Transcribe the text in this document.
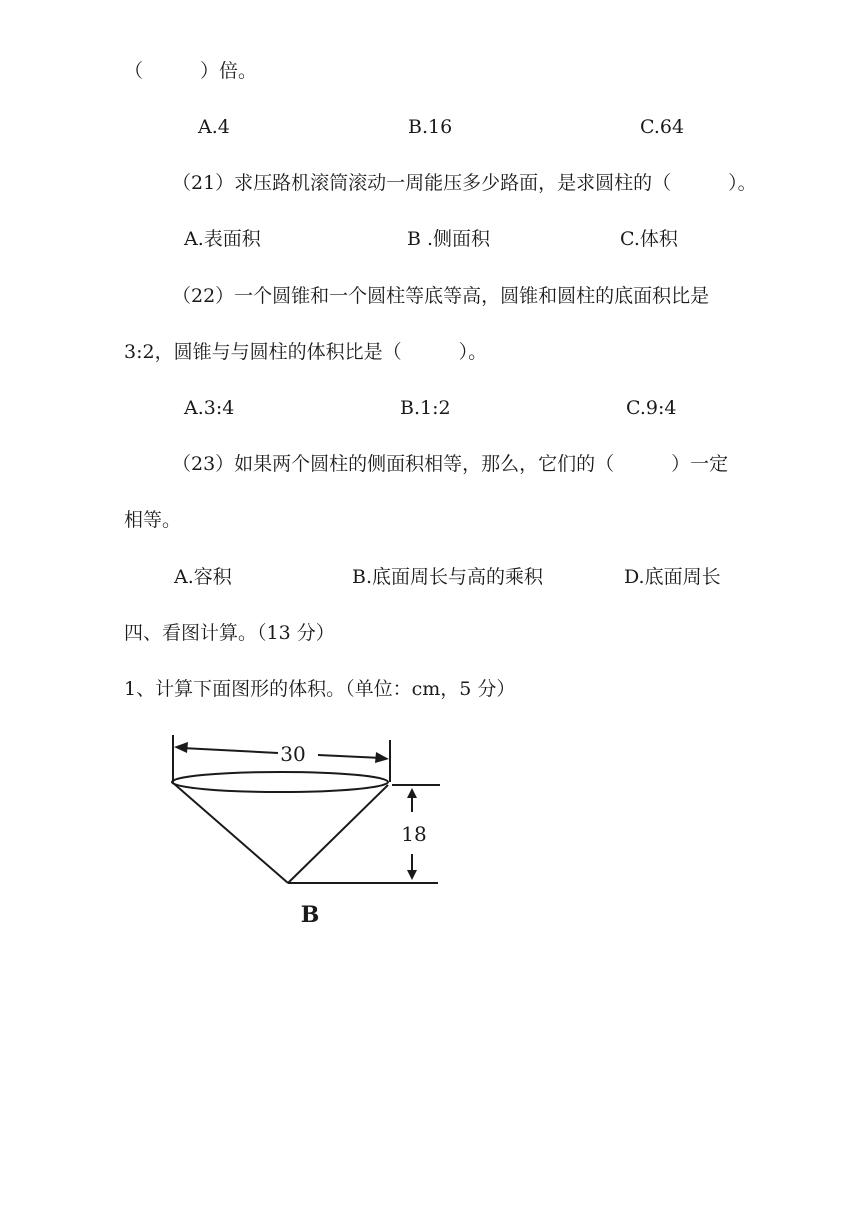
（　　　）倍。
A.4	B.16	C.64
（21）求压路机滚筒滚动一周能压多少路面，是求圆柱的（　　　）。
A.表面积	B .侧面积	C.体积
（22）一个圆锥和一个圆柱等底等高，圆锥和圆柱的底面积比是
3:2，圆锥与与圆柱的体积比是（　　　）。
A.3:4	B.1:2	C.9:4
（23）如果两个圆柱的侧面积相等，那么，它们的（　　　）一定
相等。
A.容积	B.底面周长与高的乘积	D.底面周长
四、看图计算。（13 分）
1、计算下面图形的体积。（单位：cm，5 分）
30
18
B
